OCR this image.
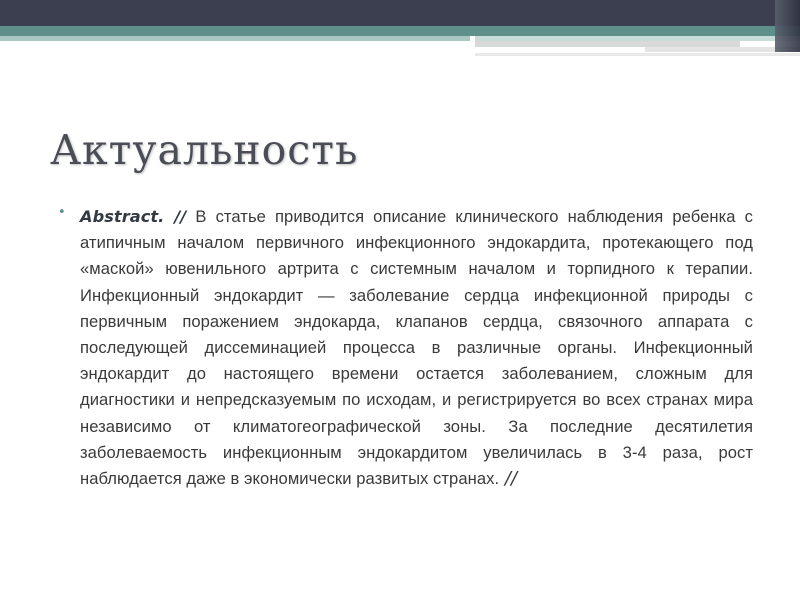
Актуальность
• Abstract. // В статье приводится описание клинического наблюдения ребенка с атипичным началом первичного инфекционного эндокардита, протекающего под «маской» ювенильного артрита с системным началом и торпидного к терапии. Инфекционный эндокардит — заболевание сердца инфекционной природы с первичным поражением эндокарда, клапанов сердца, связочного аппарата с последующей диссеминацией процесса в различные органы. Инфекционный эндокардит до настоящего времени остается заболеванием, сложным для диагностики и непредсказуемым по исходам, и регистрируется во всех странах мира независимо от климатогеографической зоны. За последние десятилетия заболеваемость инфекционным эндокардитом увеличилась в 3-4 раза, рост наблюдается даже в экономически развитых странах. //
